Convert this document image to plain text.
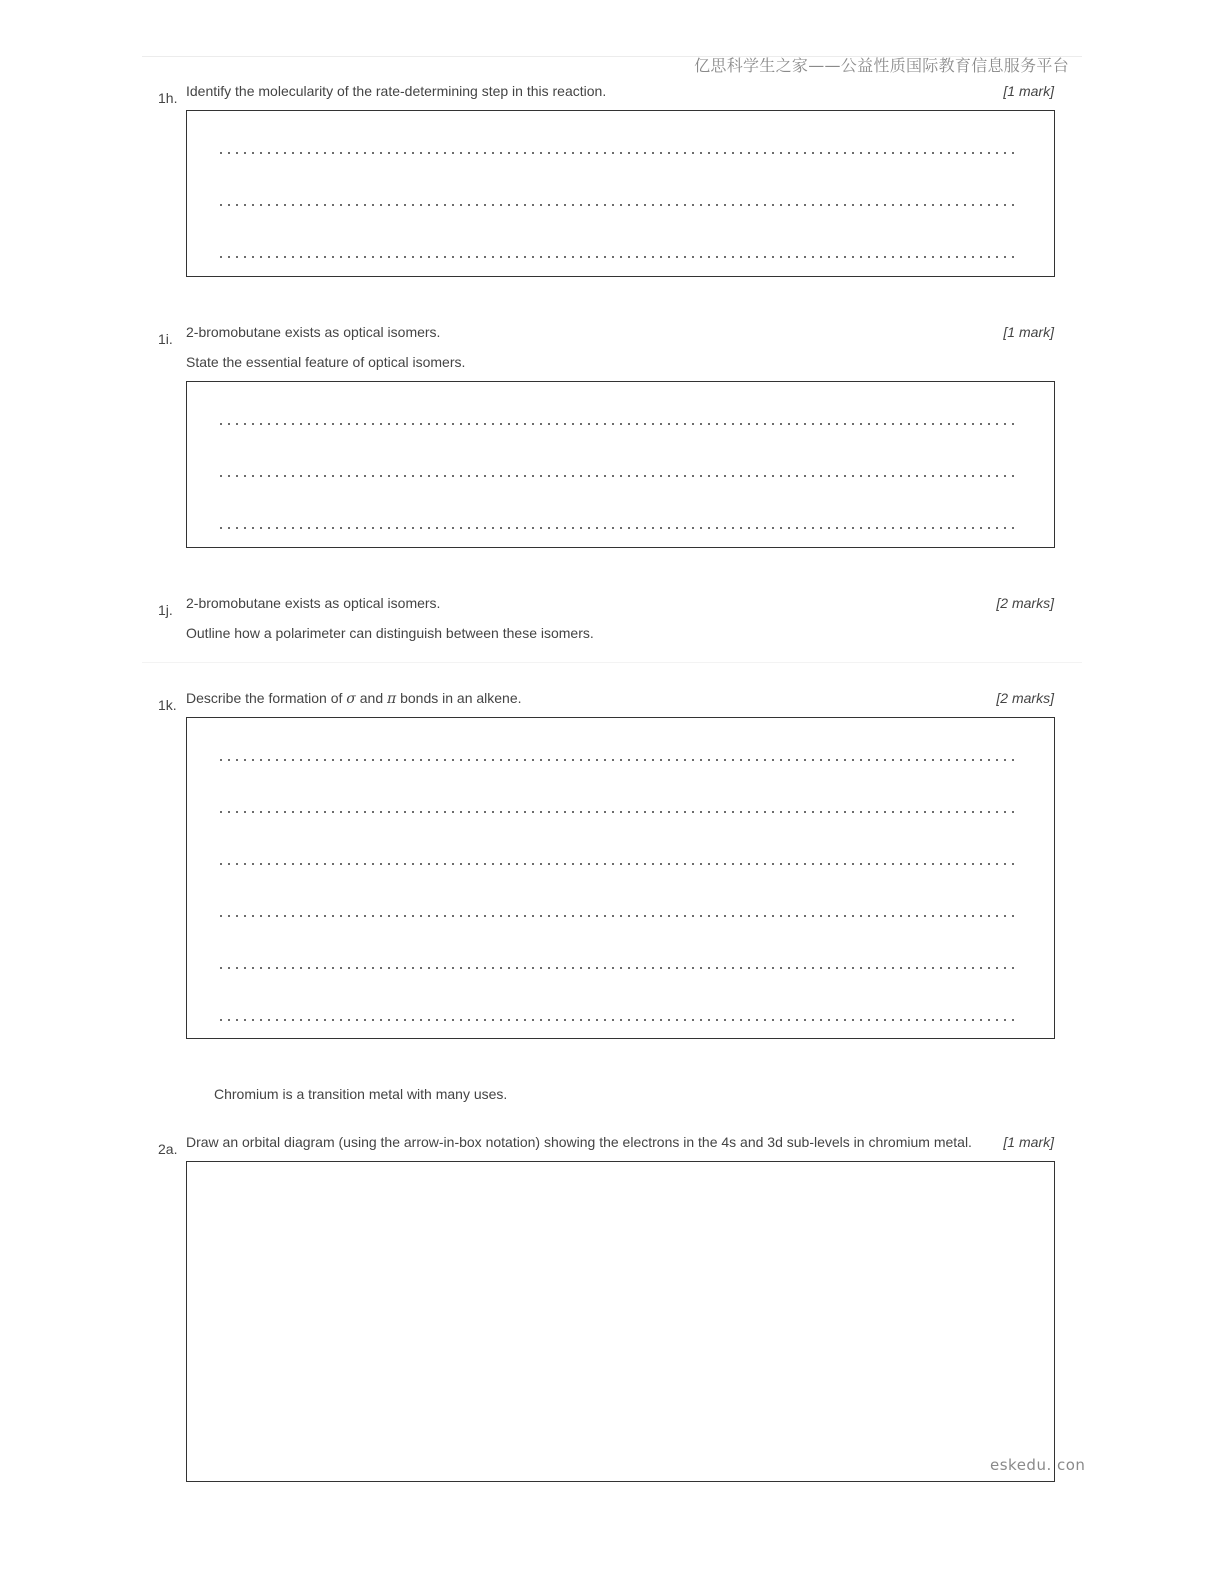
亿思科学生之家——公益性质国际教育信息服务平台
1h. Identify the molecularity of the rate-determining step in this reaction.	[1 mark]
1i. 2-bromobutane exists as optical isomers.	[1 mark]
State the essential feature of optical isomers.
1j. 2-bromobutane exists as optical isomers.	[2 marks]
Outline how a polarimeter can distinguish between these isomers.
1k. Describe the formation of σ and π bonds in an alkene.	[2 marks]
Chromium is a transition metal with many uses.
2a. Draw an orbital diagram (using the arrow-in-box notation) showing the electrons in the 4s and 3d sub-levels in chromium metal.	[1 mark]
eskedu. con
